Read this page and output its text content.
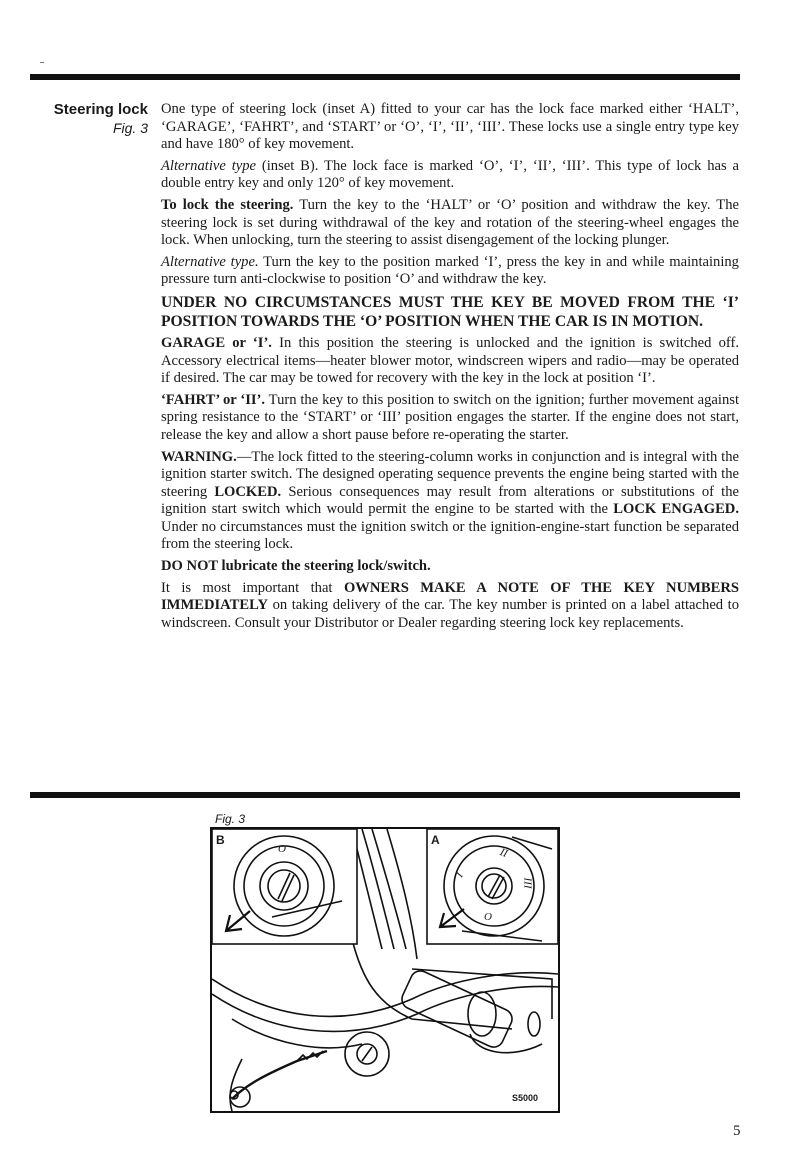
Steering lock
Fig. 3

One type of steering lock (inset A) fitted to your car has the lock face marked either ‘HALT’, ‘GARAGE’, ‘FAHRT’, and ‘START’ or ‘O’, ‘I’, ‘II’, ‘III’. These locks use a single entry type key and have 180° of key movement.

Alternative type (inset B). The lock face is marked ‘O’, ‘I’, ‘II’, ‘III’. This type of lock has a double entry key and only 120° of key movement.

To lock the steering. Turn the key to the ‘HALT’ or ‘O’ position and withdraw the key. The steering lock is set during withdrawal of the key and rotation of the steering-wheel engages the lock. When unlocking, turn the steering to assist disengagement of the locking plunger.

Alternative type. Turn the key to the position marked ‘I’, press the key in and while maintaining pressure turn anti-clockwise to position ‘O’ and withdraw the key.

UNDER NO CIRCUMSTANCES MUST THE KEY BE MOVED FROM THE ‘I’ POSITION TOWARDS THE ‘O’ POSITION WHEN THE CAR IS IN MOTION.

GARAGE or ‘I’. In this position the steering is unlocked and the ignition is switched off. Accessory electrical items—heater blower motor, windscreen wipers and radio—may be operated if desired. The car may be towed for recovery with the key in the lock at position ‘I’.

‘FAHRT’ or ‘II’. Turn the key to this position to switch on the ignition; further movement against spring resistance to the ‘START’ or ‘III’ position engages the starter. If the engine does not start, release the key and allow a short pause before re-operating the starter.

WARNING.—The lock fitted to the steering-column works in conjunction and is integral with the ignition starter switch. The designed operating sequence prevents the engine being started with the steering LOCKED. Serious consequences may result from alterations or substitutions of the ignition start switch which would permit the engine to be started with the LOCK ENGAGED. Under no circumstances must the ignition switch or the ignition-engine-start function be separated from the steering lock.

DO NOT lubricate the steering lock/switch.

It is most important that OWNERS MAKE A NOTE OF THE KEY NUMBERS IMMEDIATELY on taking delivery of the car. The key number is printed on a label attached to windscreen. Consult your Distributor or Dealer regarding steering lock key replacements.

Fig. 3
B	A
O	II
III
O
I
S5000
5
